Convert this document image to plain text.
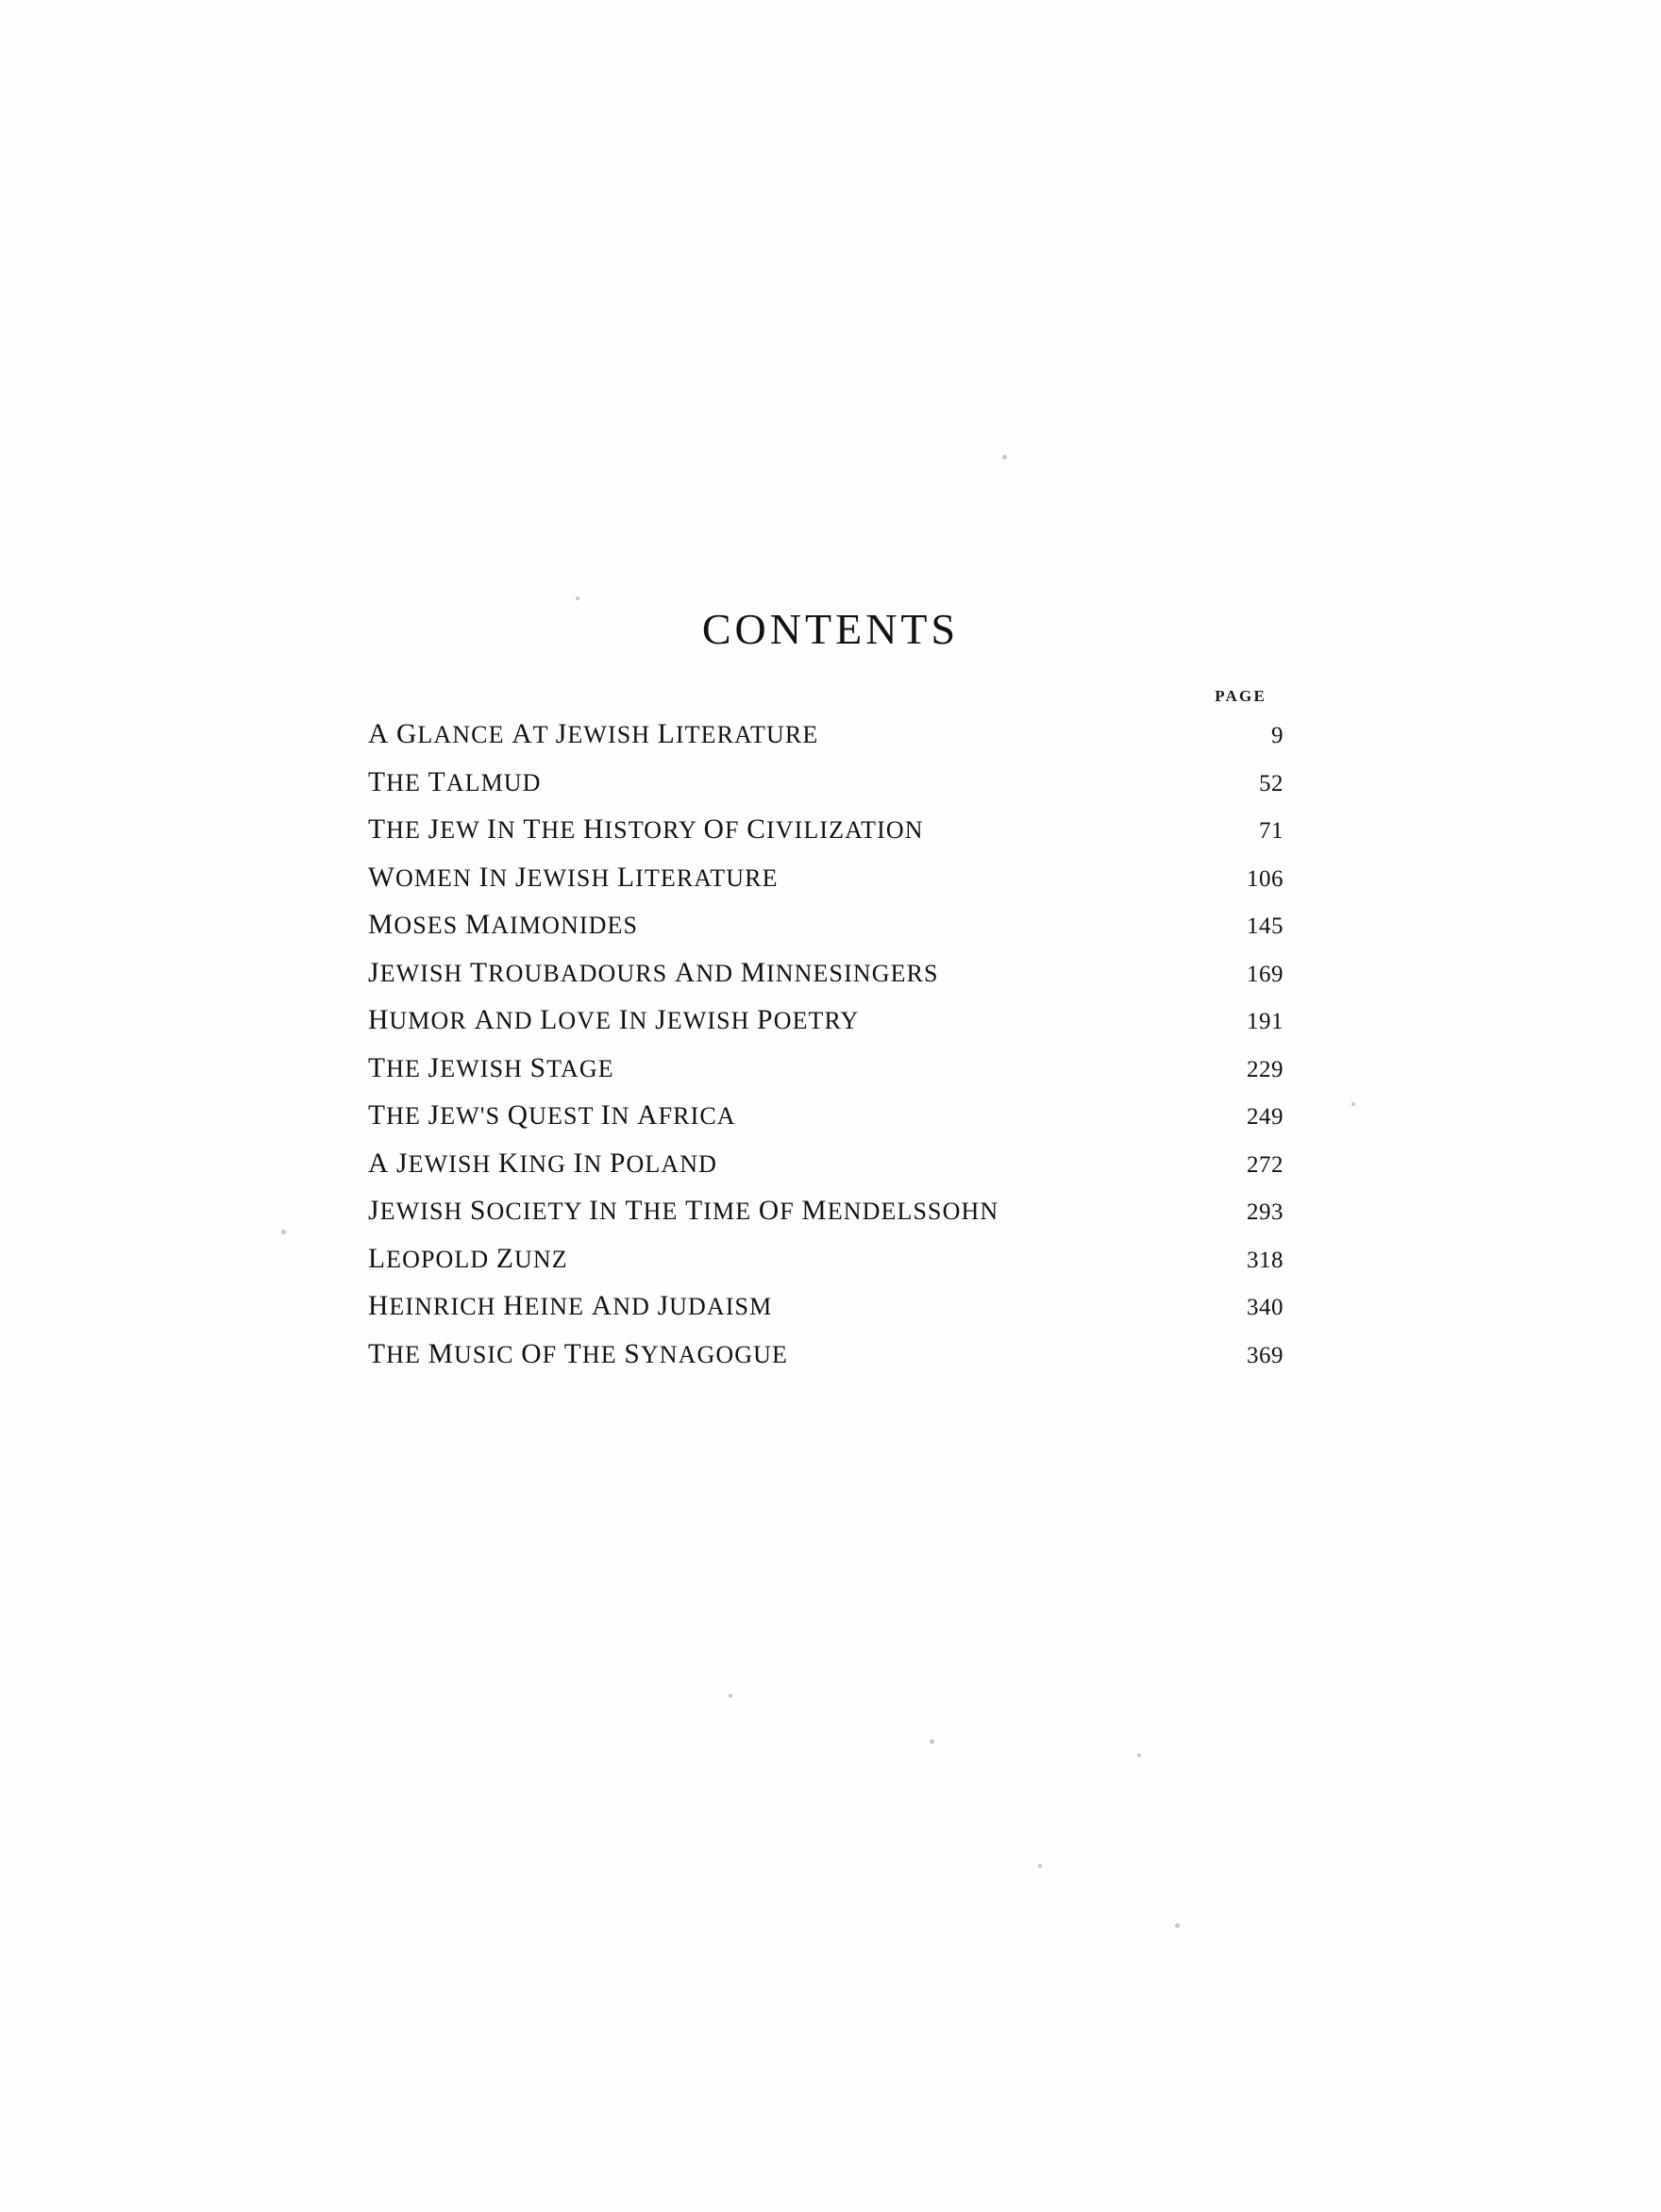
CONTENTS
PAGE
A GLANCE AT JEWISH LITERATURE . . .	9
THE TALMUD . . .	52
THE JEW IN THE HISTORY OF CIVILIZATION . . .	71
WOMEN IN JEWISH LITERATURE . . .	106
MOSES MAIMONIDES . . .	145
JEWISH TROUBADOURS AND MINNESINGERS . . .	169
HUMOR AND LOVE IN JEWISH POETRY . . .	191
THE JEWISH STAGE . . .	229
THE JEW'S QUEST IN AFRICA . . .	249
A JEWISH KING IN POLAND . . .	272
JEWISH SOCIETY IN THE TIME OF MENDELSSOHN . . .	293
LEOPOLD ZUNZ . . .	318
HEINRICH HEINE AND JUDAISM . . .	340
THE MUSIC OF THE SYNAGOGUE . . .	369
